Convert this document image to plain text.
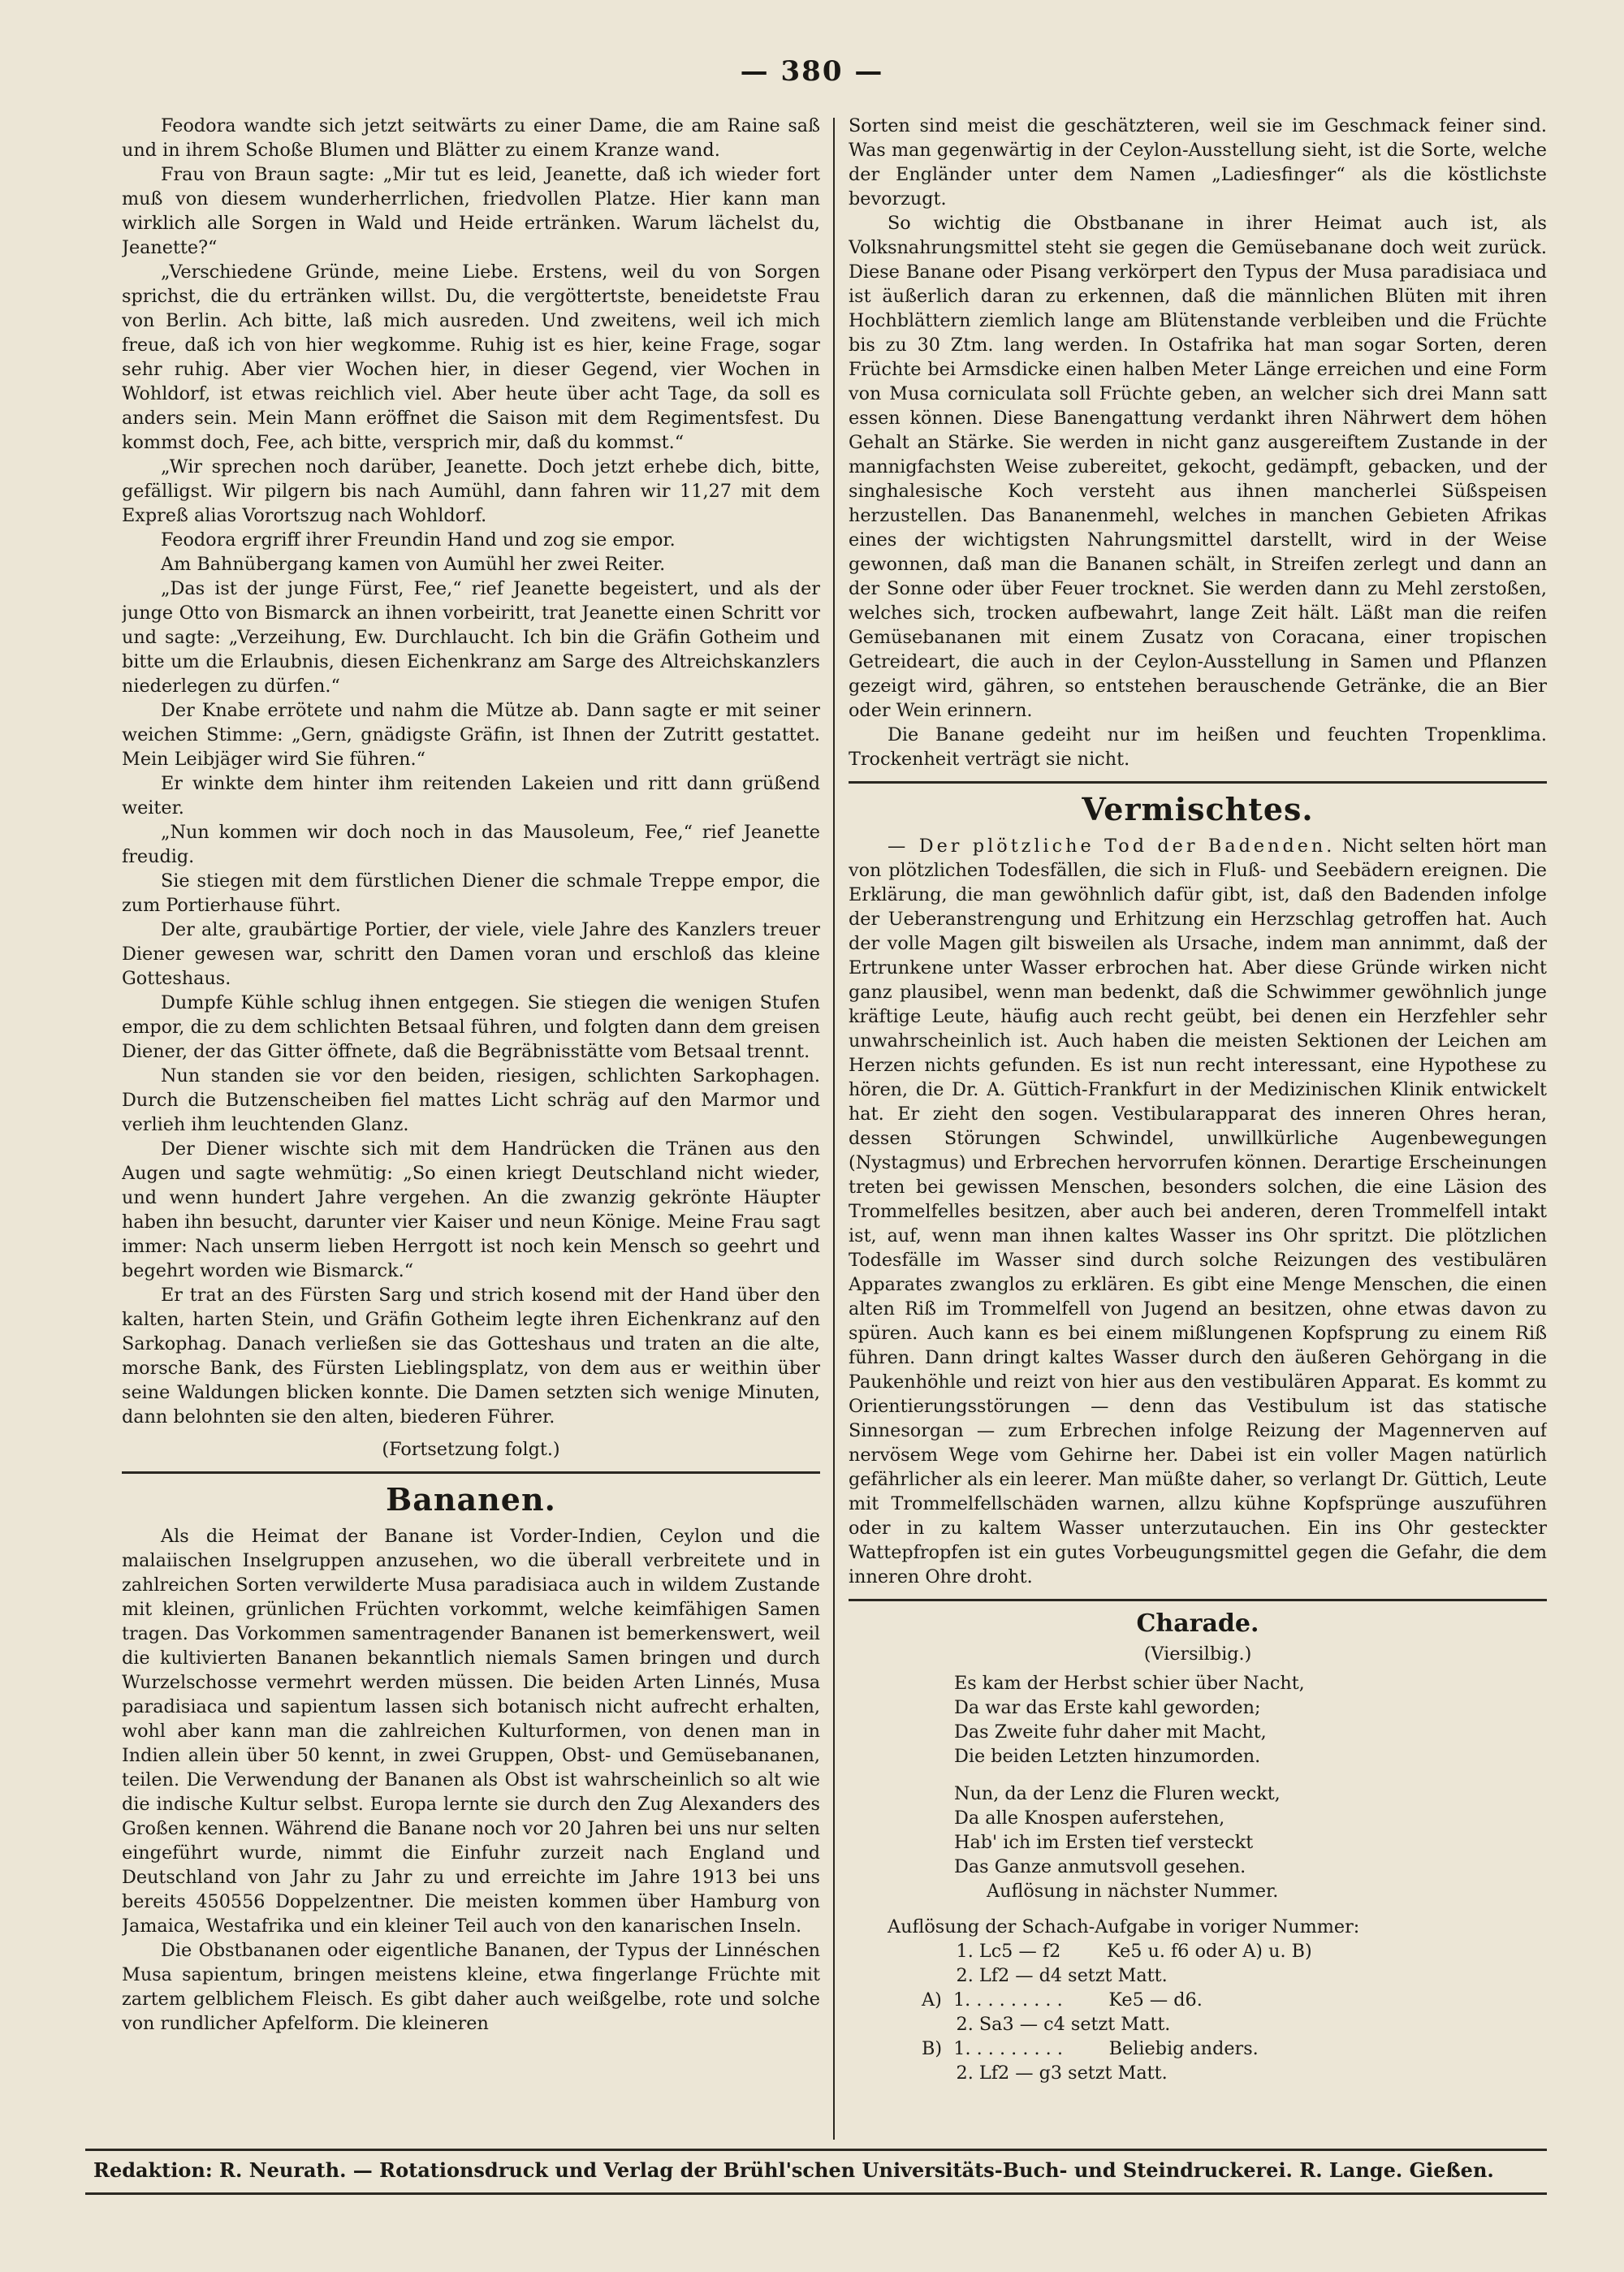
— 380 —

Feodora wandte sich jetzt seitwärts zu einer Dame, die am Raine saß und in ihrem Schoße Blumen und Blätter zu einem Kranze wand.

Frau von Braun sagte: „Mir tut es leid, Jeanette, daß ich wieder fort muß von diesem wunderherrlichen, friedvollen Platze. Hier kann man wirklich alle Sorgen in Wald und Heide ertränken. Warum lächelst du, Jeanette?“

„Verschiedene Gründe, meine Liebe. Erstens, weil du von Sorgen sprichst, die du ertränken willst. Du, die vergöttertste, beneidetste Frau von Berlin. Ach bitte, laß mich ausreden. Und zweitens, weil ich mich freue, daß ich von hier wegkomme. Ruhig ist es hier, keine Frage, sogar sehr ruhig. Aber vier Wochen hier, in dieser Gegend, vier Wochen in Wohldorf, ist etwas reichlich viel. Aber heute über acht Tage, da soll es anders sein. Mein Mann eröffnet die Saison mit dem Regimentsfest. Du kommst doch, Fee, ach bitte, versprich mir, daß du kommst.“

„Wir sprechen noch darüber, Jeanette. Doch jetzt erhebe dich, bitte, gefälligst. Wir pilgern bis nach Aumühl, dann fahren wir 11,27 mit dem Expreß alias Vorortszug nach Wohldorf.

Feodora ergriff ihrer Freundin Hand und zog sie empor.

Am Bahnübergang kamen von Aumühl her zwei Reiter.

„Das ist der junge Fürst, Fee,“ rief Jeanette begeistert, und als der junge Otto von Bismarck an ihnen vorbeiritt, trat Jeanette einen Schritt vor und sagte: „Verzeihung, Ew. Durchlaucht. Ich bin die Gräfin Gotheim und bitte um die Erlaubnis, diesen Eichenkranz am Sarge des Altreichskanzlers niederlegen zu dürfen.“

Der Knabe errötete und nahm die Mütze ab. Dann sagte er mit seiner weichen Stimme: „Gern, gnädigste Gräfin, ist Ihnen der Zutritt gestattet. Mein Leibjäger wird Sie führen.“

Er winkte dem hinter ihm reitenden Lakeien und ritt dann grüßend weiter.

„Nun kommen wir doch noch in das Mausoleum, Fee,“ rief Jeanette freudig.

Sie stiegen mit dem fürstlichen Diener die schmale Treppe empor, die zum Portierhause führt.

Der alte, graubärtige Portier, der viele, viele Jahre des Kanzlers treuer Diener gewesen war, schritt den Damen voran und erschloß das kleine Gotteshaus.

Dumpfe Kühle schlug ihnen entgegen. Sie stiegen die wenigen Stufen empor, die zu dem schlichten Betsaal führen, und folgten dann dem greisen Diener, der das Gitter öffnete, daß die Begräbnisstätte vom Betsaal trennt.

Nun standen sie vor den beiden, riesigen, schlichten Sarkophagen. Durch die Butzenscheiben fiel mattes Licht schräg auf den Marmor und verlieh ihm leuchtenden Glanz.

Der Diener wischte sich mit dem Handrücken die Tränen aus den Augen und sagte wehmütig: „So einen kriegt Deutschland nicht wieder, und wenn hundert Jahre vergehen. An die zwanzig gekrönte Häupter haben ihn besucht, darunter vier Kaiser und neun Könige. Meine Frau sagt immer: Nach unserm lieben Herrgott ist noch kein Mensch so geehrt und begehrt worden wie Bismarck.“

Er trat an des Fürsten Sarg und strich kosend mit der Hand über den kalten, harten Stein, und Gräfin Gotheim legte ihren Eichenkranz auf den Sarkophag. Danach verließen sie das Gotteshaus und traten an die alte, morsche Bank, des Fürsten Lieblingsplatz, von dem aus er weithin über seine Waldungen blicken konnte. Die Damen setzten sich wenige Minuten, dann belohnten sie den alten, biederen Führer.

(Fortsetzung folgt.)

Bananen.

Als die Heimat der Banane ist Vorder-Indien, Ceylon und die malaiischen Inselgruppen anzusehen, wo die überall verbreitete und in zahlreichen Sorten verwilderte Musa paradisiaca auch in wildem Zustande mit kleinen, grünlichen Früchten vorkommt, welche keimfähigen Samen tragen. Das Vorkommen samentragender Bananen ist bemerkenswert, weil die kultivierten Bananen bekanntlich niemals Samen bringen und durch Wurzelschosse vermehrt werden müssen. Die beiden Arten Linnés, Musa paradisiaca und sapientum lassen sich botanisch nicht aufrecht erhalten, wohl aber kann man die zahlreichen Kulturformen, von denen man in Indien allein über 50 kennt, in zwei Gruppen, Obst- und Gemüsebananen, teilen. Die Verwendung der Bananen als Obst ist wahrscheinlich so alt wie die indische Kultur selbst. Europa lernte sie durch den Zug Alexanders des Großen kennen. Während die Banane noch vor 20 Jahren bei uns nur selten eingeführt wurde, nimmt die Einfuhr zurzeit nach England und Deutschland von Jahr zu Jahr zu und erreichte im Jahre 1913 bei uns bereits 450556 Doppelzentner. Die meisten kommen über Hamburg von Jamaica, Westafrika und ein kleiner Teil auch von den kanarischen Inseln.

Die Obstbananen oder eigentliche Bananen, der Typus der Linnéschen Musa sapientum, bringen meistens kleine, etwa fingerlange Früchte mit zartem gelblichem Fleisch. Es gibt daher auch weißgelbe, rote und solche von rundlicher Apfelform. Die kleineren

Sorten sind meist die geschätzteren, weil sie im Geschmack feiner sind. Was man gegenwärtig in der Ceylon-Ausstellung sieht, ist die Sorte, welche der Engländer unter dem Namen „Ladiesfinger“ als die köstlichste bevorzugt.

So wichtig die Obstbanane in ihrer Heimat auch ist, als Volksnahrungsmittel steht sie gegen die Gemüsebanane doch weit zurück. Diese Banane oder Pisang verkörpert den Typus der Musa paradisiaca und ist äußerlich daran zu erkennen, daß die männlichen Blüten mit ihren Hochblättern ziemlich lange am Blütenstande verbleiben und die Früchte bis zu 30 Ztm. lang werden. In Ostafrika hat man sogar Sorten, deren Früchte bei Armsdicke einen halben Meter Länge erreichen und eine Form von Musa corniculata soll Früchte geben, an welcher sich drei Mann satt essen können. Diese Banengattung verdankt ihren Nährwert dem höhen Gehalt an Stärke. Sie werden in nicht ganz ausgereiftem Zustande in der mannigfachsten Weise zubereitet, gekocht, gedämpft, gebacken, und der singhalesische Koch versteht aus ihnen mancherlei Süßspeisen herzustellen. Das Bananenmehl, welches in manchen Gebieten Afrikas eines der wichtigsten Nahrungsmittel darstellt, wird in der Weise gewonnen, daß man die Bananen schält, in Streifen zerlegt und dann an der Sonne oder über Feuer trocknet. Sie werden dann zu Mehl zerstoßen, welches sich, trocken aufbewahrt, lange Zeit hält. Läßt man die reifen Gemüsebananen mit einem Zusatz von Coracana, einer tropischen Getreideart, die auch in der Ceylon-Ausstellung in Samen und Pflanzen gezeigt wird, gähren, so entstehen berauschende Getränke, die an Bier oder Wein erinnern.

Die Banane gedeiht nur im heißen und feuchten Tropenklima. Trockenheit verträgt sie nicht.

Vermischtes.

— Der plötzliche Tod der Badenden. Nicht selten hört man von plötzlichen Todesfällen, die sich in Fluß- und Seebädern ereignen. Die Erklärung, die man gewöhnlich dafür gibt, ist, daß den Badenden infolge der Ueberanstrengung und Erhitzung ein Herzschlag getroffen hat. Auch der volle Magen gilt bisweilen als Ursache, indem man annimmt, daß der Ertrunkene unter Wasser erbrochen hat. Aber diese Gründe wirken nicht ganz plausibel, wenn man bedenkt, daß die Schwimmer gewöhnlich junge kräftige Leute, häufig auch recht geübt, bei denen ein Herzfehler sehr unwahrscheinlich ist. Auch haben die meisten Sektionen der Leichen am Herzen nichts gefunden. Es ist nun recht interessant, eine Hypothese zu hören, die Dr. A. Güttich-Frankfurt in der Medizinischen Klinik entwickelt hat. Er zieht den sogen. Vestibularapparat des inneren Ohres heran, dessen Störungen Schwindel, unwillkürliche Augenbewegungen (Nystagmus) und Erbrechen hervorrufen können. Derartige Erscheinungen treten bei gewissen Menschen, besonders solchen, die eine Läsion des Trommelfelles besitzen, aber auch bei anderen, deren Trommelfell intakt ist, auf, wenn man ihnen kaltes Wasser ins Ohr spritzt. Die plötzlichen Todesfälle im Wasser sind durch solche Reizungen des vestibulären Apparates zwanglos zu erklären. Es gibt eine Menge Menschen, die einen alten Riß im Trommelfell von Jugend an besitzen, ohne etwas davon zu spüren. Auch kann es bei einem mißlungenen Kopfsprung zu einem Riß führen. Dann dringt kaltes Wasser durch den äußeren Gehörgang in die Paukenhöhle und reizt von hier aus den vestibulären Apparat. Es kommt zu Orientierungsstörungen — denn das Vestibulum ist das statische Sinnesorgan — zum Erbrechen infolge Reizung der Magennerven auf nervösem Wege vom Gehirne her. Dabei ist ein voller Magen natürlich gefährlicher als ein leerer. Man müßte daher, so verlangt Dr. Güttich, Leute mit Trommelfellschäden warnen, allzu kühne Kopfsprünge auszuführen oder in zu kaltem Wasser unterzutauchen. Ein ins Ohr gesteckter Wattepfropfen ist ein gutes Vorbeugungsmittel gegen die Gefahr, die dem inneren Ohre droht.

Charade.

(Viersilbig.)

Es kam der Herbst schier über Nacht,
Da war das Erste kahl geworden;
Das Zweite fuhr daher mit Macht,
Die beiden Letzten hinzumorden.
Nun, da der Lenz die Fluren weckt,
Da alle Knospen auferstehen,
Hab' ich im Ersten tief versteckt
Das Ganze anmutsvoll gesehen.
Auflösung in nächster Nummer.

Auflösung der Schach-Aufgabe in voriger Nummer:

1. Lc5 — f2        Ke5 u. f6 oder A) u. B)
2. Lf2 — d4 setzt Matt.
A)  1. . . . . . . . .        Ke5 — d6.
2. Sa3 — c4 setzt Matt.
B)  1. . . . . . . . .        Beliebig anders.
2. Lf2 — g3 setzt Matt.
Redaktion: R. Neurath. — Rotationsdruck und Verlag der Brühl'schen Universitäts-Buch- und Steindruckerei. R. Lange. Gießen.
